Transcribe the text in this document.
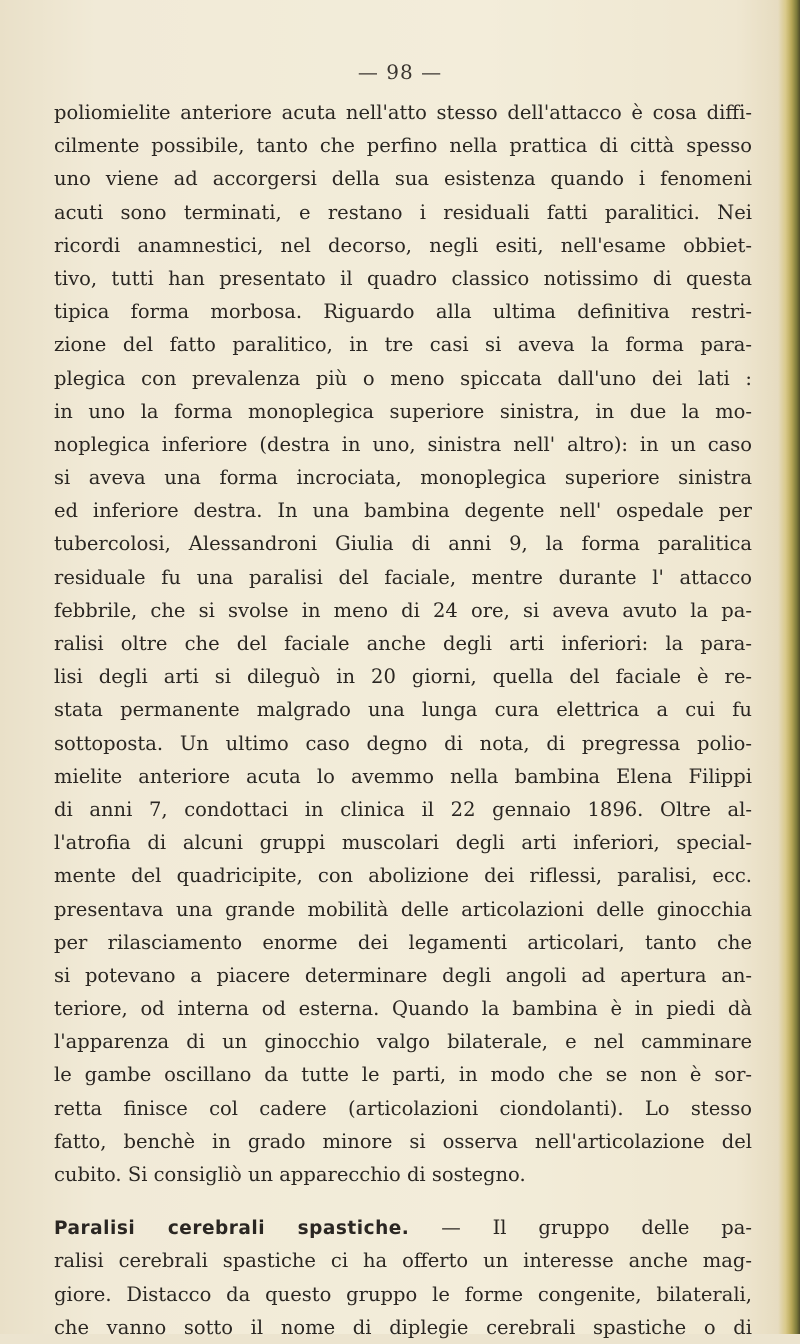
— 98 —
poliomielite anteriore acuta nell'atto stesso dell'attacco è cosa diffi-
cilmente possibile, tanto che perfino nella prattica di città spesso
uno viene ad accorgersi della sua esistenza quando i fenomeni
acuti sono terminati, e restano i residuali fatti paralitici. Nei
ricordi anamnestici, nel decorso, negli esiti, nell'esame obbiet-
tivo, tutti han presentato il quadro classico notissimo di questa
tipica forma morbosa. Riguardo alla ultima definitiva restri-
zione del fatto paralitico, in tre casi si aveva la forma para-
plegica con prevalenza più o meno spiccata dall'uno dei lati :
in uno la forma monoplegica superiore sinistra, in due la mo-
noplegica inferiore (destra in uno, sinistra nell' altro): in un caso
si aveva una forma incrociata, monoplegica superiore sinistra
ed inferiore destra. In una bambina degente nell' ospedale per
tubercolosi, Alessandroni Giulia di anni 9, la forma paralitica
residuale fu una paralisi del faciale, mentre durante l' attacco
febbrile, che si svolse in meno di 24 ore, si aveva avuto la pa-
ralisi oltre che del faciale anche degli arti inferiori: la para-
lisi degli arti si dileguò in 20 giorni, quella del faciale è re-
stata permanente malgrado una lunga cura elettrica a cui fu
sottoposta. Un ultimo caso degno di nota, di pregressa polio-
mielite anteriore acuta lo avemmo nella bambina Elena Filippi
di anni 7, condottaci in clinica il 22 gennaio 1896. Oltre al-
l'atrofia di alcuni gruppi muscolari degli arti inferiori, special-
mente del quadricipite, con abolizione dei riflessi, paralisi, ecc.
presentava una grande mobilità delle articolazioni delle ginocchia
per rilasciamento enorme dei legamenti articolari, tanto che
si potevano a piacere determinare degli angoli ad apertura an-
teriore, od interna od esterna. Quando la bambina è in piedi dà
l'apparenza di un ginocchio valgo bilaterale, e nel camminare
le gambe oscillano da tutte le parti, in modo che se non è sor-
retta finisce col cadere (articolazioni ciondolanti). Lo stesso
fatto, benchè in grado minore si osserva nell'articolazione del
cubito. Si consigliò un apparecchio di sostegno.
Paralisi cerebrali spastiche. — Il gruppo delle pa-
ralisi cerebrali spastiche ci ha offerto un interesse anche mag-
giore. Distacco da questo gruppo le forme congenite, bilaterali,
che vanno sotto il nome di diplegie cerebrali spastiche o di
